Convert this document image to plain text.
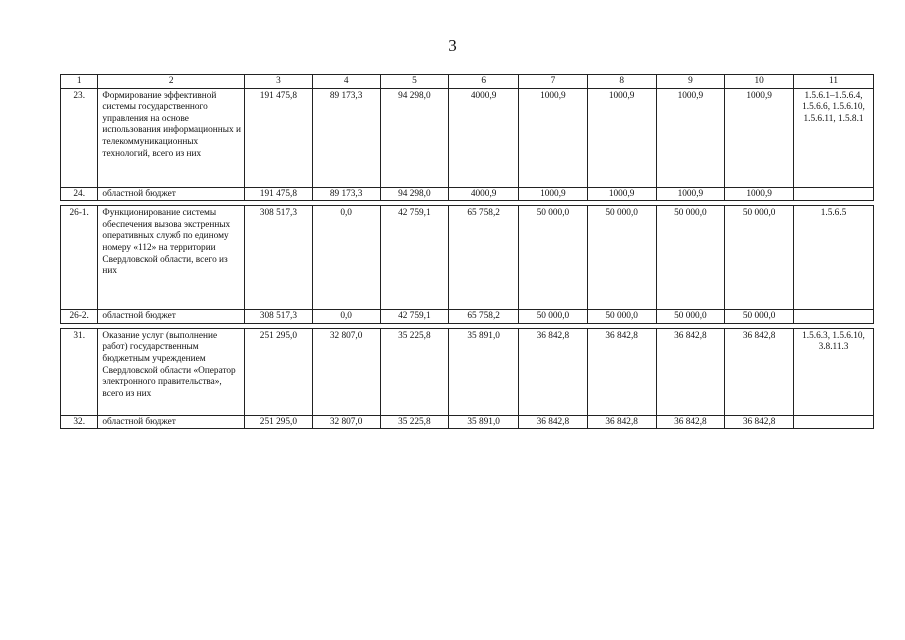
3
1	2	3	4	5	6	7	8	9	10	11
23.	Формирование эффективной системы государственного управления на основе использования информационных и телекоммуникационных технологий, всего из них	191 475,8	89 173,3	94 298,0	4000,9	1000,9	1000,9	1000,9	1000,9	1.5.6.1–1.5.6.4, 1.5.6.6, 1.5.6.10, 1.5.6.11, 1.5.8.1
24.	областной бюджет	191 475,8	89 173,3	94 298,0	4000,9	1000,9	1000,9	1000,9	1000,9	

26-1.	Функционирование системы обеспечения вызова экстренных оперативных служб по единому номеру «112» на территории Свердловской области, всего из них	308 517,3	0,0	42 759,1	65 758,2	50 000,0	50 000,0	50 000,0	50 000,0	1.5.6.5
26-2.	областной бюджет	308 517,3	0,0	42 759,1	65 758,2	50 000,0	50 000,0	50 000,0	50 000,0	

31.	Оказание услуг (выполнение работ) государственным бюджетным учреждением Свердловской области «Оператор электронного правительства», всего из них	251 295,0	32 807,0	35 225,8	35 891,0	36 842,8	36 842,8	36 842,8	36 842,8	1.5.6.3, 1.5.6.10, 3.8.11.3
32.	областной бюджет	251 295,0	32 807,0	35 225,8	35 891,0	36 842,8	36 842,8	36 842,8	36 842,8	
